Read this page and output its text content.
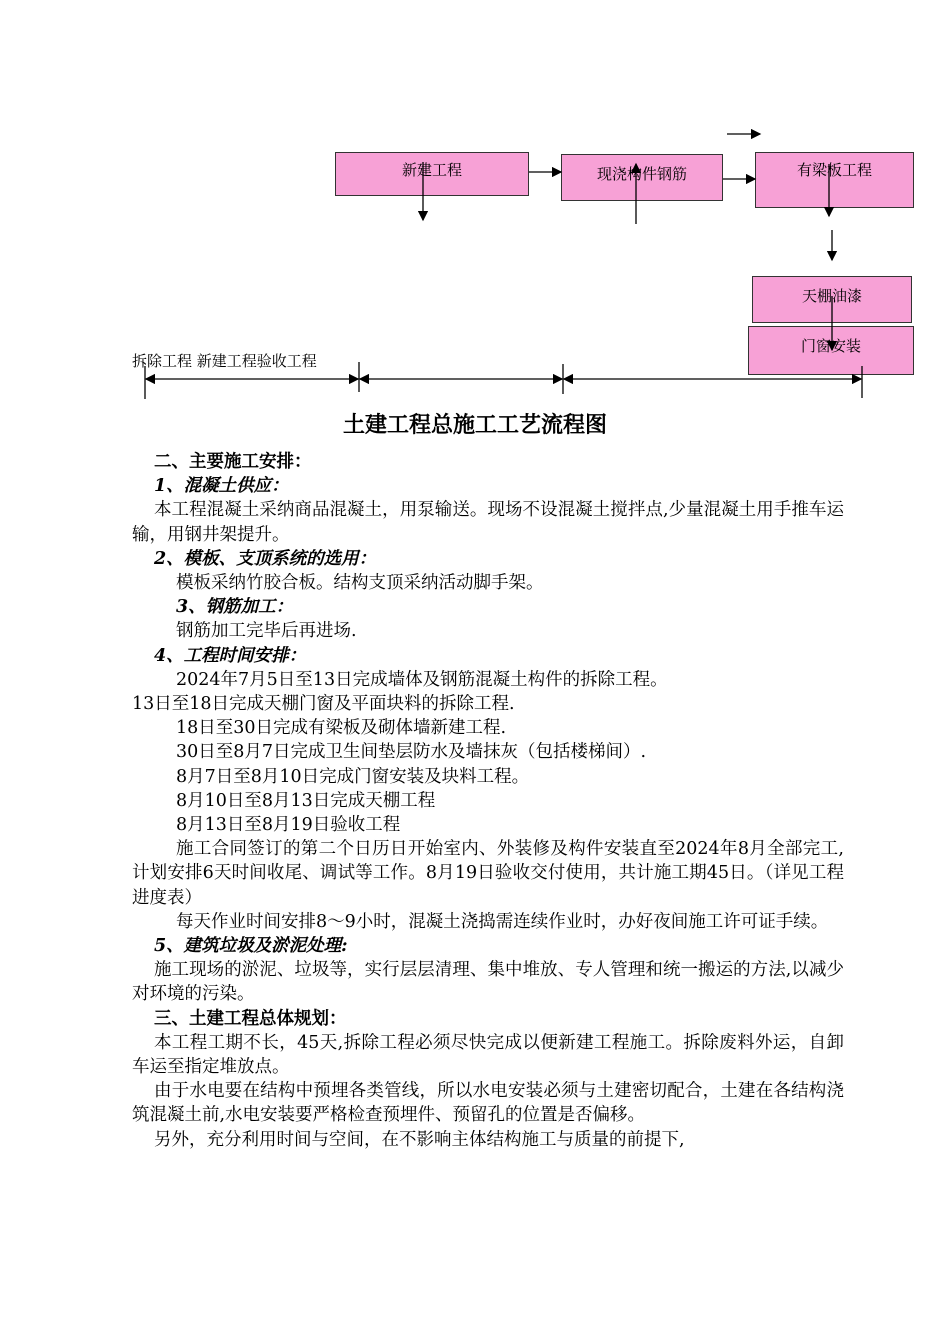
新建工程	现浇构件钢筋	有梁板工程
天棚油漆
门窗安装
拆除工程 新建工程验收工程
土建工程总施工工艺流程图

二、主要施工安排：

1、混凝土供应：

本工程混凝土采纳商品混凝土，用泵输送。现场不设混凝土搅拌点,少量混凝土用手推车运输，用钢井架提升。

2、模板、支顶系统的选用：

模板采纳竹胶合板。结构支顶采纳活动脚手架。

3、钢筋加工：

钢筋加工完毕后再进场.

4、工程时间安排：

2024年7月5日至13日完成墙体及钢筋混凝土构件的拆除工程。

13日至18日完成天棚门窗及平面块料的拆除工程.

18日至30日完成有梁板及砌体墙新建工程.

30日至8月7日完成卫生间垫层防水及墙抹灰（包括楼梯间）.

8月7日至8月10日完成门窗安装及块料工程。

8月10日至8月13日完成天棚工程

8月13日至8月19日验收工程

施工合同签订的第二个日历日开始室内、外装修及构件安装直至2024年8月全部完工,计划安排6天时间收尾、调试等工作。8月19日验收交付使用，共计施工期45日。（详见工程进度表）

每天作业时间安排8～9小时，混凝土浇捣需连续作业时，办好夜间施工许可证手续。

5、建筑垃圾及淤泥处理:

施工现场的淤泥、垃圾等，实行层层清理、集中堆放、专人管理和统一搬运的方法,以减少对环境的污染。

三、土建工程总体规划：

本工程工期不长，45天,拆除工程必须尽快完成以便新建工程施工。拆除废料外运，自卸车运至指定堆放点。

由于水电要在结构中预埋各类管线，所以水电安装必须与土建密切配合，土建在各结构浇筑混凝土前,水电安装要严格检查预埋件、预留孔的位置是否偏移。

另外，充分利用时间与空间，在不影响主体结构施工与质量的前提下,
